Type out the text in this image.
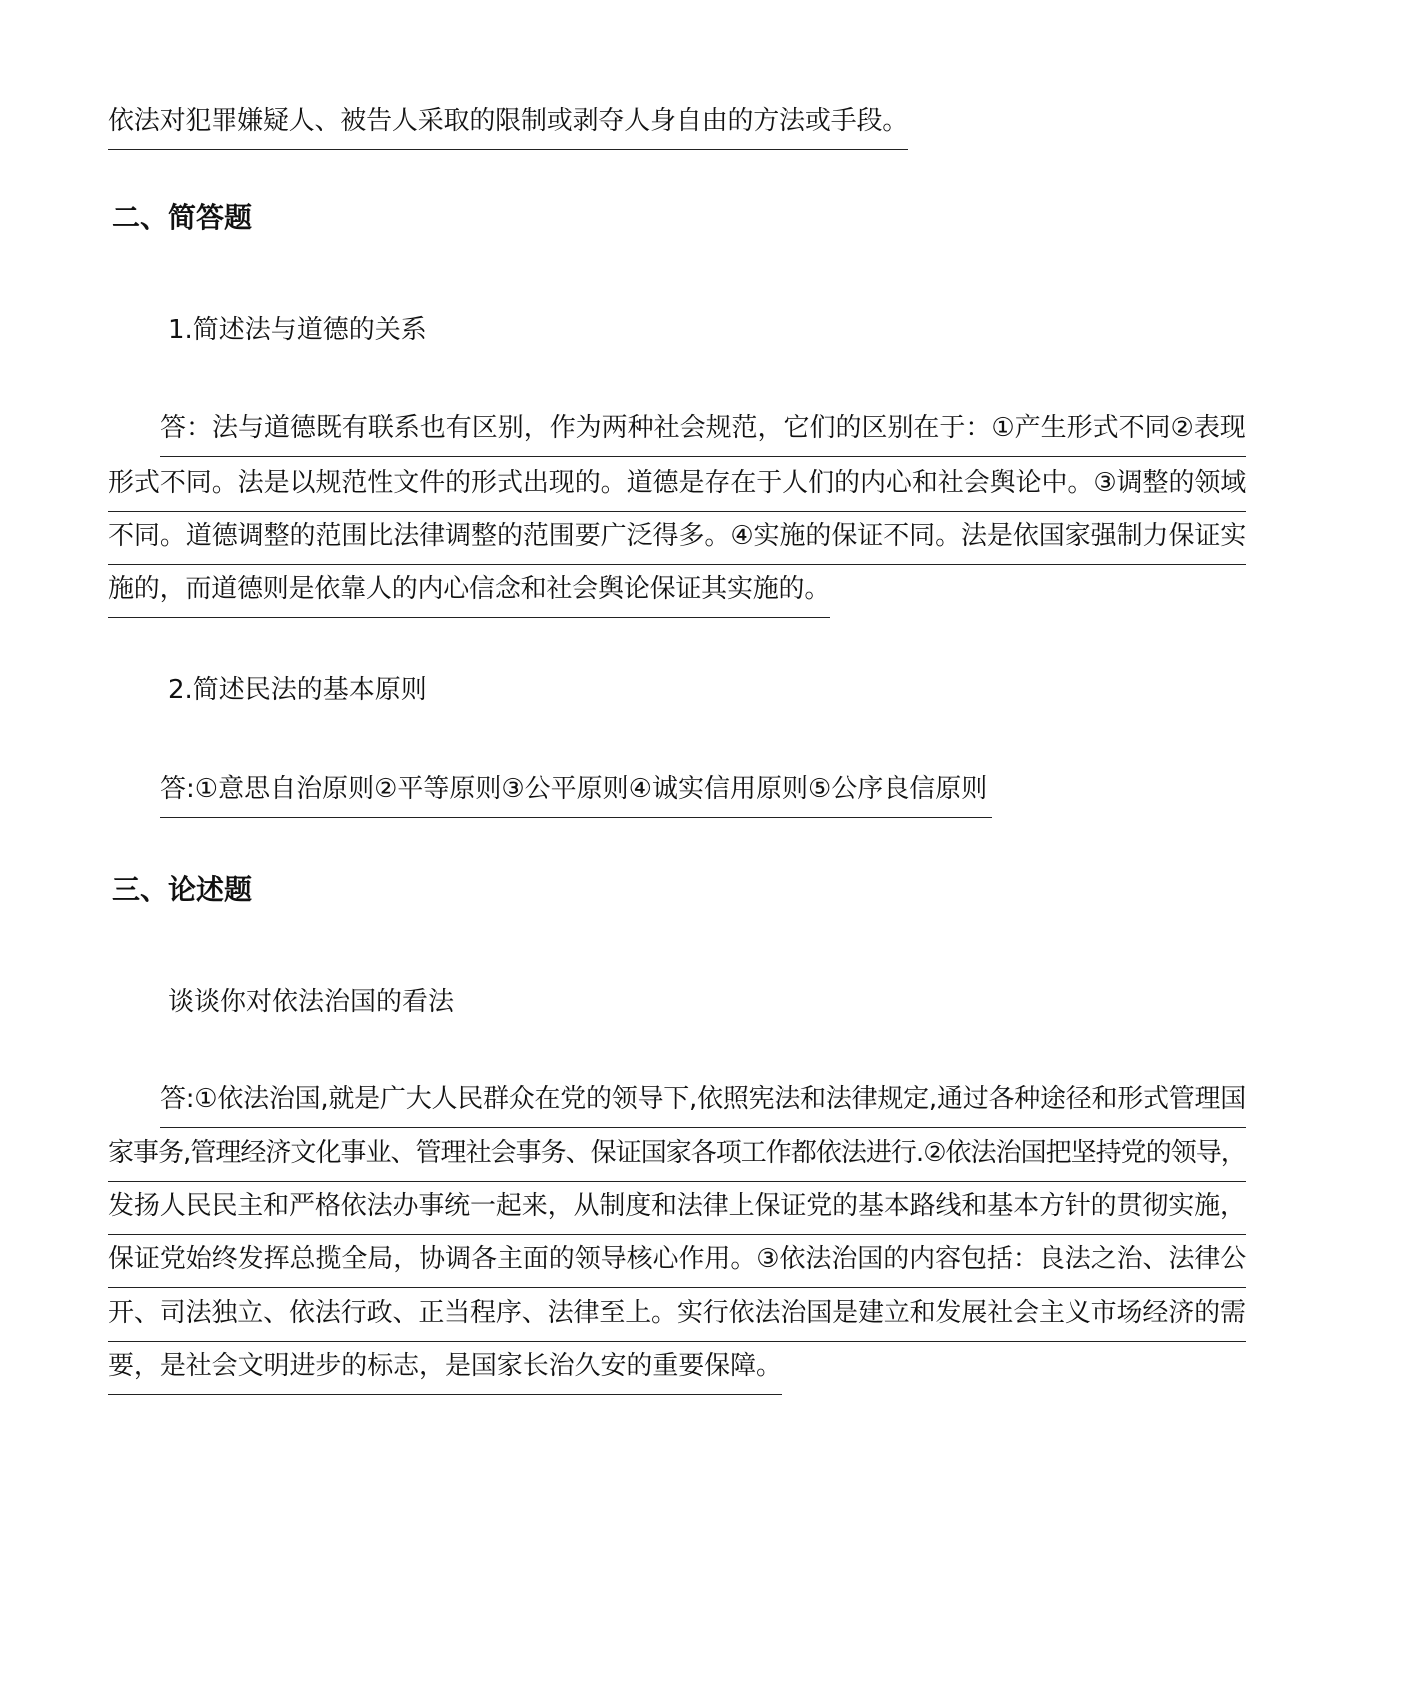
依法对犯罪嫌疑人、被告人采取的限制或剥夺人身自由的方法或手段。
二、简答题
1.简述法与道德的关系
答：法与道德既有联系也有区别，作为两种社会规范，它们的区别在于：①产生形式不同②表现
形式不同。法是以规范性文件的形式出现的。道德是存在于人们的内心和社会舆论中。③调整的领域
不同。道德调整的范围比法律调整的范围要广泛得多。④实施的保证不同。法是依国家强制力保证实
施的，而道德则是依靠人的内心信念和社会舆论保证其实施的。
2.简述民法的基本原则
答:①意思自治原则②平等原则③公平原则④诚实信用原则⑤公序良信原则
三、论述题
谈谈你对依法治国的看法
答:①依法治国,就是广大人民群众在党的领导下,依照宪法和法律规定,通过各种途径和形式管理国
家事务,管理经济文化事业、管理社会事务、保证国家各项工作都依法进行.②依法治国把坚持党的领导，
发扬人民民主和严格依法办事统一起来，从制度和法律上保证党的基本路线和基本方针的贯彻实施，
保证党始终发挥总揽全局，协调各主面的领导核心作用。③依法治国的内容包括：良法之治、法律公
开、司法独立、依法行政、正当程序、法律至上。实行依法治国是建立和发展社会主义市场经济的需
要，是社会文明进步的标志，是国家长治久安的重要保障。
